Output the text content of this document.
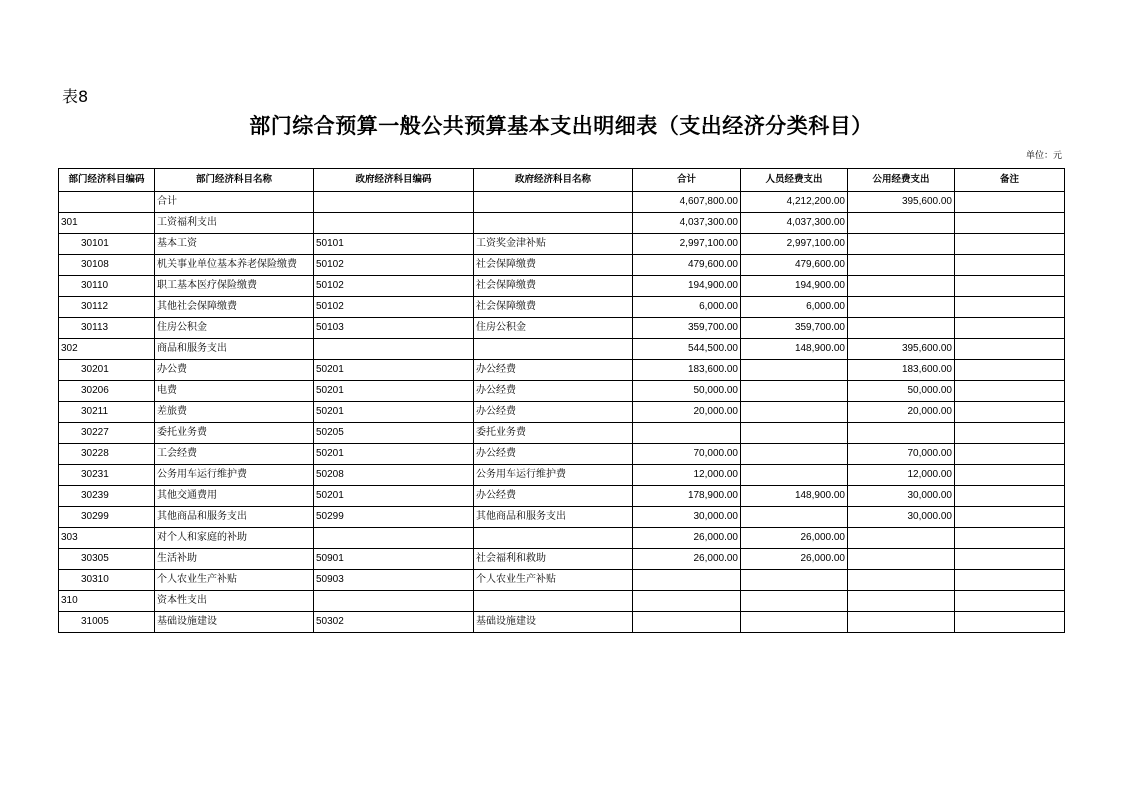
表8
部门综合预算一般公共预算基本支出明细表（支出经济分类科目）
单位：元
部门经济科目编码	部门经济科目名称	政府经济科目编码	政府经济科目名称	合计	人员经费支出	公用经费支出	备注
	合计			4,607,800.00	4,212,200.00	395,600.00	
301	工资福利支出			4,037,300.00	4,037,300.00		
30101	基本工资	50101	工资奖金津补贴	2,997,100.00	2,997,100.00		
30108	机关事业单位基本养老保险缴费	50102	社会保障缴费	479,600.00	479,600.00		
30110	职工基本医疗保险缴费	50102	社会保障缴费	194,900.00	194,900.00		
30112	其他社会保障缴费	50102	社会保障缴费	6,000.00	6,000.00		
30113	住房公积金	50103	住房公积金	359,700.00	359,700.00		
302	商品和服务支出			544,500.00	148,900.00	395,600.00	
30201	办公费	50201	办公经费	183,600.00		183,600.00	
30206	电费	50201	办公经费	50,000.00		50,000.00	
30211	差旅费	50201	办公经费	20,000.00		20,000.00	
30227	委托业务费	50205	委托业务费				
30228	工会经费	50201	办公经费	70,000.00		70,000.00	
30231	公务用车运行维护费	50208	公务用车运行维护费	12,000.00		12,000.00	
30239	其他交通费用	50201	办公经费	178,900.00	148,900.00	30,000.00	
30299	其他商品和服务支出	50299	其他商品和服务支出	30,000.00		30,000.00	
303	对个人和家庭的补助			26,000.00	26,000.00		
30305	生活补助	50901	社会福利和救助	26,000.00	26,000.00		
30310	个人农业生产补贴	50903	个人农业生产补贴				
310	资本性支出						
31005	基础设施建设	50302	基础设施建设				
